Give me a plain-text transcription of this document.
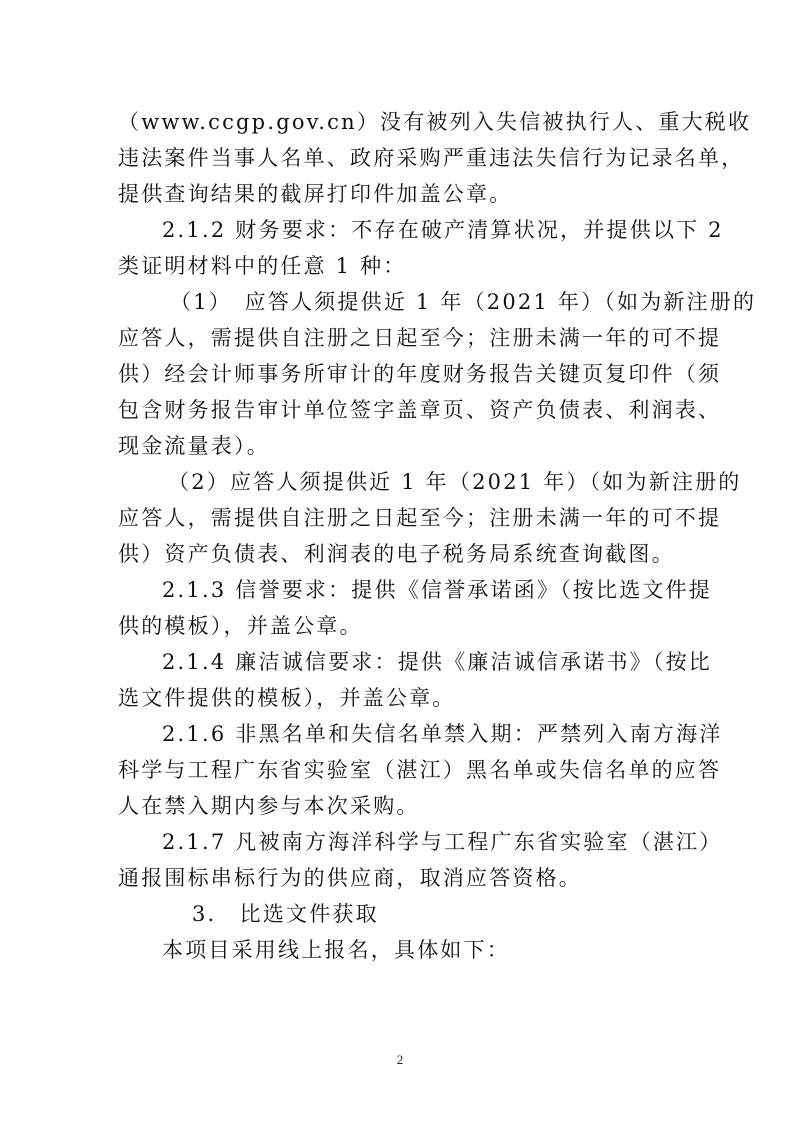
（www.ccgp.gov.cn）没有被列入失信被执行人、重大税收
违法案件当事人名单、政府采购严重违法失信行为记录名单，
提供查询结果的截屏打印件加盖公章。
2.1.2 财务要求：不存在破产清算状况，并提供以下 2
类证明材料中的任意 1 种：
（1）　应答人须提供近 1 年（2021 年）（如为新注册的
应答人，需提供自注册之日起至今；注册未满一年的可不提
供）经会计师事务所审计的年度财务报告关键页复印件（须
包含财务报告审计单位签字盖章页、资产负债表、利润表、
现金流量表）。
（2）应答人须提供近 1 年（2021 年）（如为新注册的
应答人，需提供自注册之日起至今；注册未满一年的可不提
供）资产负债表、利润表的电子税务局系统查询截图。
2.1.3 信誉要求：提供《信誉承诺函》（按比选文件提
供的模板），并盖公章。
2.1.4 廉洁诚信要求：提供《廉洁诚信承诺书》（按比
选文件提供的模板），并盖公章。
2.1.6 非黑名单和失信名单禁入期：严禁列入南方海洋
科学与工程广东省实验室（湛江）黑名单或失信名单的应答
人在禁入期内参与本次采购。
2.1.7 凡被南方海洋科学与工程广东省实验室（湛江）
通报围标串标行为的供应商，取消应答资格。
3.　比选文件获取
本项目采用线上报名，具体如下：
2
